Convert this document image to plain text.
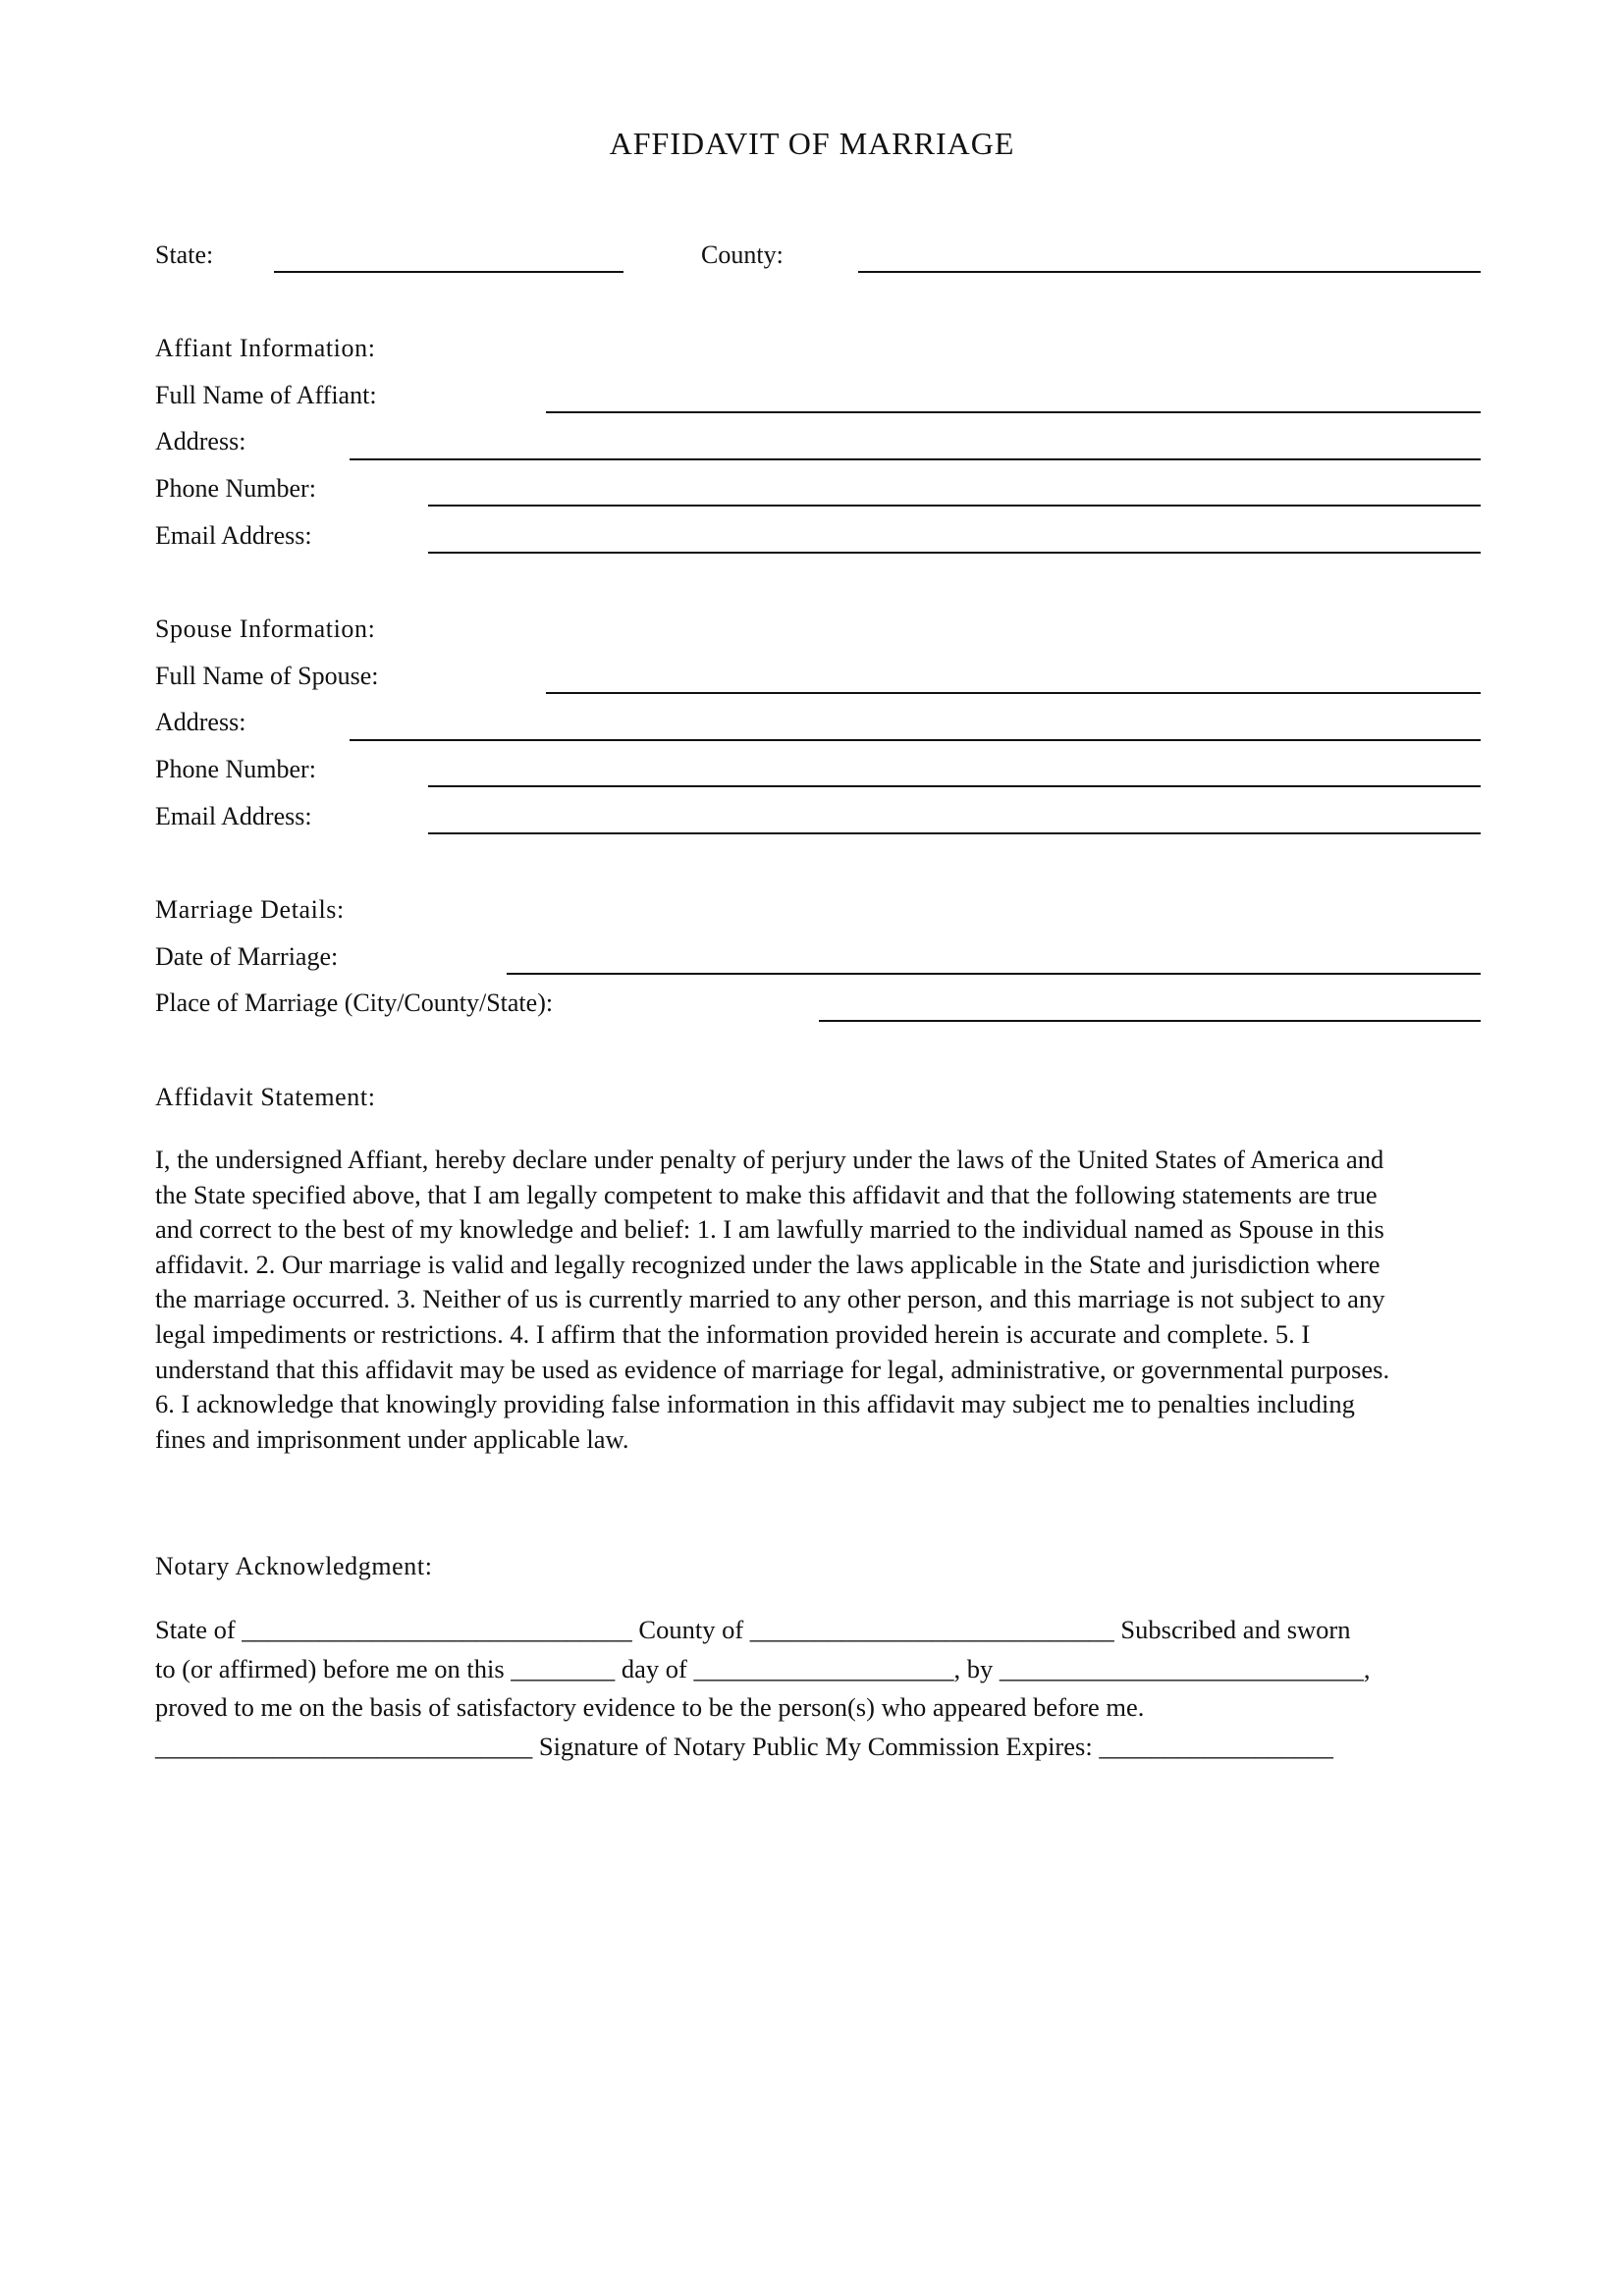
AFFIDAVIT OF MARRIAGE
State:	County:
Affiant Information:
Full Name of Affiant:
Address:
Phone Number:
Email Address:
Spouse Information:
Full Name of Spouse:
Address:
Phone Number:
Email Address:
Marriage Details:
Date of Marriage:
Place of Marriage (City/County/State):
Affidavit Statement:
I, the undersigned Affiant, hereby declare under penalty of perjury under the laws of the United States of America and
the State specified above, that I am legally competent to make this affidavit and that the following statements are true
and correct to the best of my knowledge and belief: 1. I am lawfully married to the individual named as Spouse in this
affidavit. 2. Our marriage is valid and legally recognized under the laws applicable in the State and jurisdiction where
the marriage occurred. 3. Neither of us is currently married to any other person, and this marriage is not subject to any
legal impediments or restrictions. 4. I affirm that the information provided herein is accurate and complete. 5. I
understand that this affidavit may be used as evidence of marriage for legal, administrative, or governmental purposes.
6. I acknowledge that knowingly providing false information in this affidavit may subject me to penalties including
fines and imprisonment under applicable law.
Notary Acknowledgment:
State of ______________________________ County of ____________________________ Subscribed and sworn
to (or affirmed) before me on this ________ day of ____________________, by ____________________________,
proved to me on the basis of satisfactory evidence to be the person(s) who appeared before me.
_____________________________ Signature of Notary Public My Commission Expires: __________________
